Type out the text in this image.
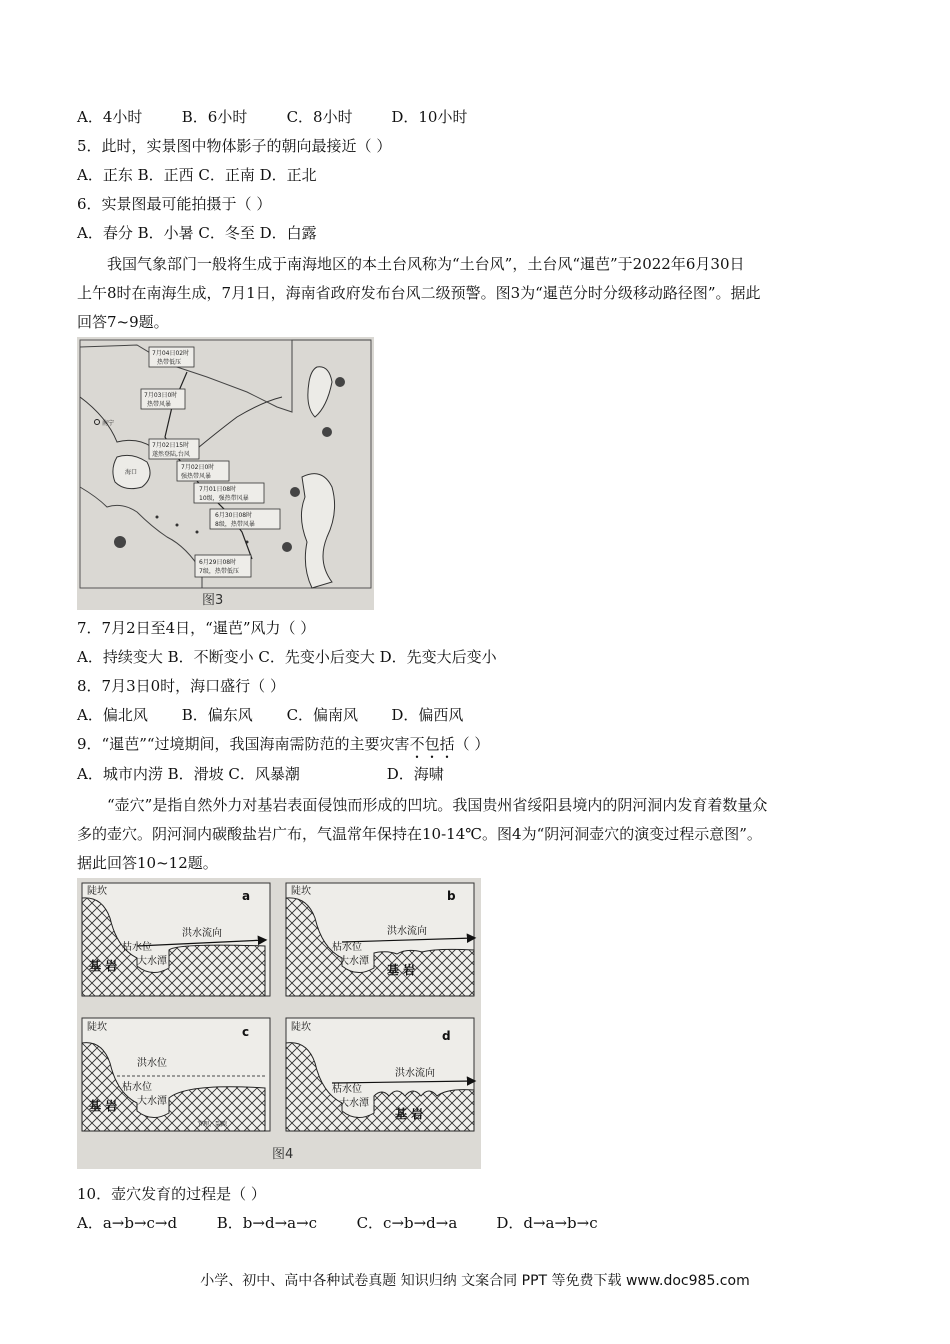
A．4小时	B．6小时	C．8小时	D．10小时
5．此时，实景图中物体影子的朝向最接近（ ）
A．正东 B．正西 C．正南 D．正北
6．实景图最可能拍摄于（ ）
A．春分 B．小暑 C．冬至 D．白露
我国气象部门一般将生成于南海地区的本土台风称为“土台风”，土台风“暹芭”于2022年6月30日
上午8时在南海生成，7月1日，海南省政府发布台风二级预警。图3为“暹芭分时分级移动路径图”。据此
回答7~9题。
南宁
海口
7月04日02时
热带低压
7月03日0时
热带风暴
7月02日15时
遂然登陆,台风
7月02日0时
强热带风暴
7月01日08时
10级，强热带风暴
6月30日08时
8级，热带风暴
6月29日08时
7级，热带低压
图3
7．7月2日至4日，“暹芭”风力（ ）
A．持续变大 B．不断变小 C．先变小后变大 D．先变大后变小
8．7月3日0时，海口盛行（ ）
A．偏北风 B．偏东风 C．偏南风 D．偏西风
9．“暹芭”“过境期间，我国海南需防范的主要灾害不包括（ ）
A．城市内涝 B．滑坡 C．风暴潮	D．海啸
“壶穴”是指自然外力对基岩表面侵蚀而形成的凹坑。我国贵州省绥阳县境内的阴河洞内发育着数量众
多的壶穴。阴河洞内碳酸盐岩广布，气温常年保持在10-14℃。图4为“阴河洞壶穴的演变过程示意图”。
据此回答10~12题。
陡坎	a
洪水流向
枯水位
大水潭
基 岩
陡坎	b
洪水流向
枯水位
大水潭
基 岩
陡坎	c
洪水位
枯水位
大水潭
基 岩
节理、裂隙
陡坎
d
洪水流向
枯水位
大水潭
基 岩
图4
10．壶穴发育的过程是（ ）
A．a→b→c→d	B．b→d→a→c	C．c→b→d→a	D．d→a→b→c
小学、初中、高中各种试卷真题 知识归纳 文案合同 PPT 等免费下载 www.doc985.com
